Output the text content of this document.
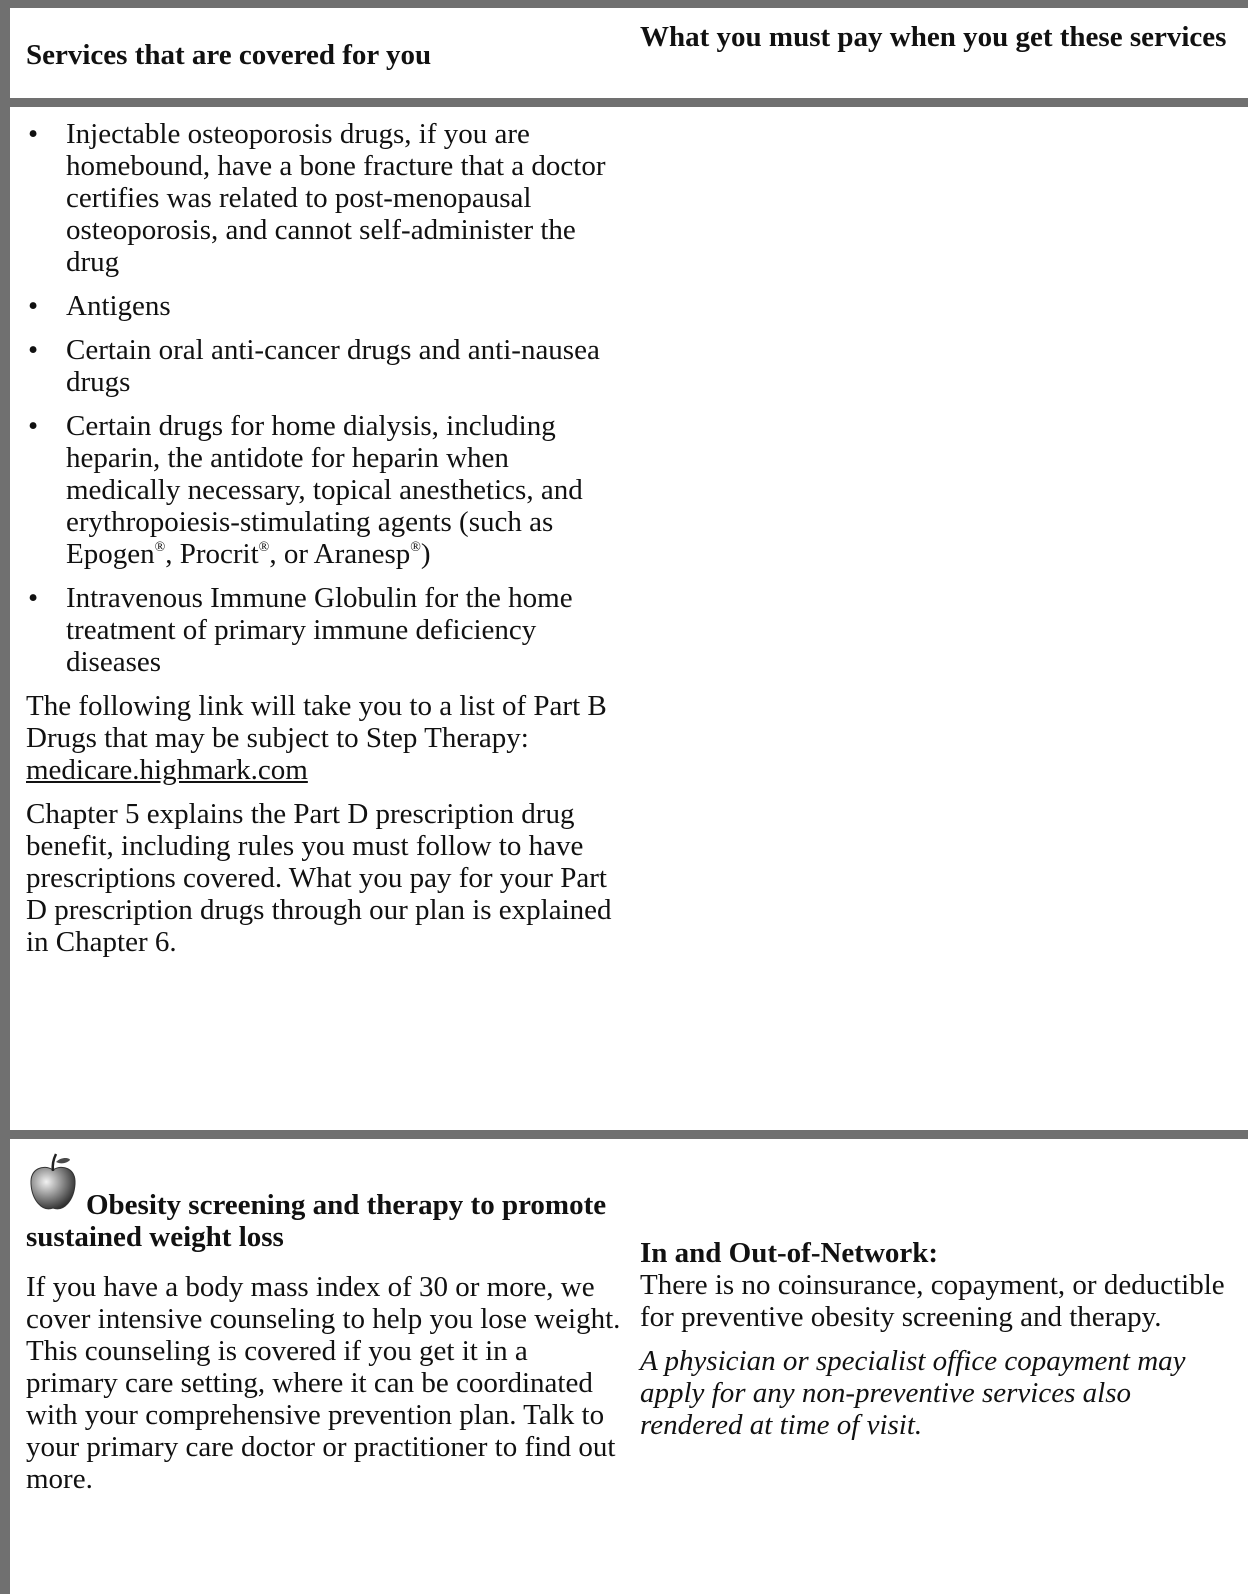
Services that are covered for you
What you must pay when you get these services
• Injectable osteoporosis drugs, if you are homebound, have a bone fracture that a doctor certifies was related to post-menopausal osteoporosis, and cannot self-administer the drug
• Antigens
• Certain oral anti-cancer drugs and anti-nausea drugs
• Certain drugs for home dialysis, including heparin, the antidote for heparin when medically necessary, topical anesthetics, and erythropoiesis-stimulating agents (such as Epogen®, Procrit®, or Aranesp®)
• Intravenous Immune Globulin for the home treatment of primary immune deficiency diseases

The following link will take you to a list of Part B Drugs that may be subject to Step Therapy: medicare.highmark.com

Chapter 5 explains the Part D prescription drug benefit, including rules you must follow to have prescriptions covered. What you pay for your Part D prescription drugs through our plan is explained in Chapter 6.

Obesity screening and therapy to promote sustained weight loss

If you have a body mass index of 30 or more, we cover intensive counseling to help you lose weight. This counseling is covered if you get it in a primary care setting, where it can be coordinated with your comprehensive prevention plan. Talk to your primary care doctor or practitioner to find out more.

In and Out-of-Network:

There is no coinsurance, copayment, or deductible for preventive obesity screening and therapy.

A physician or specialist office copayment may apply for any non-preventive services also rendered at time of visit.
